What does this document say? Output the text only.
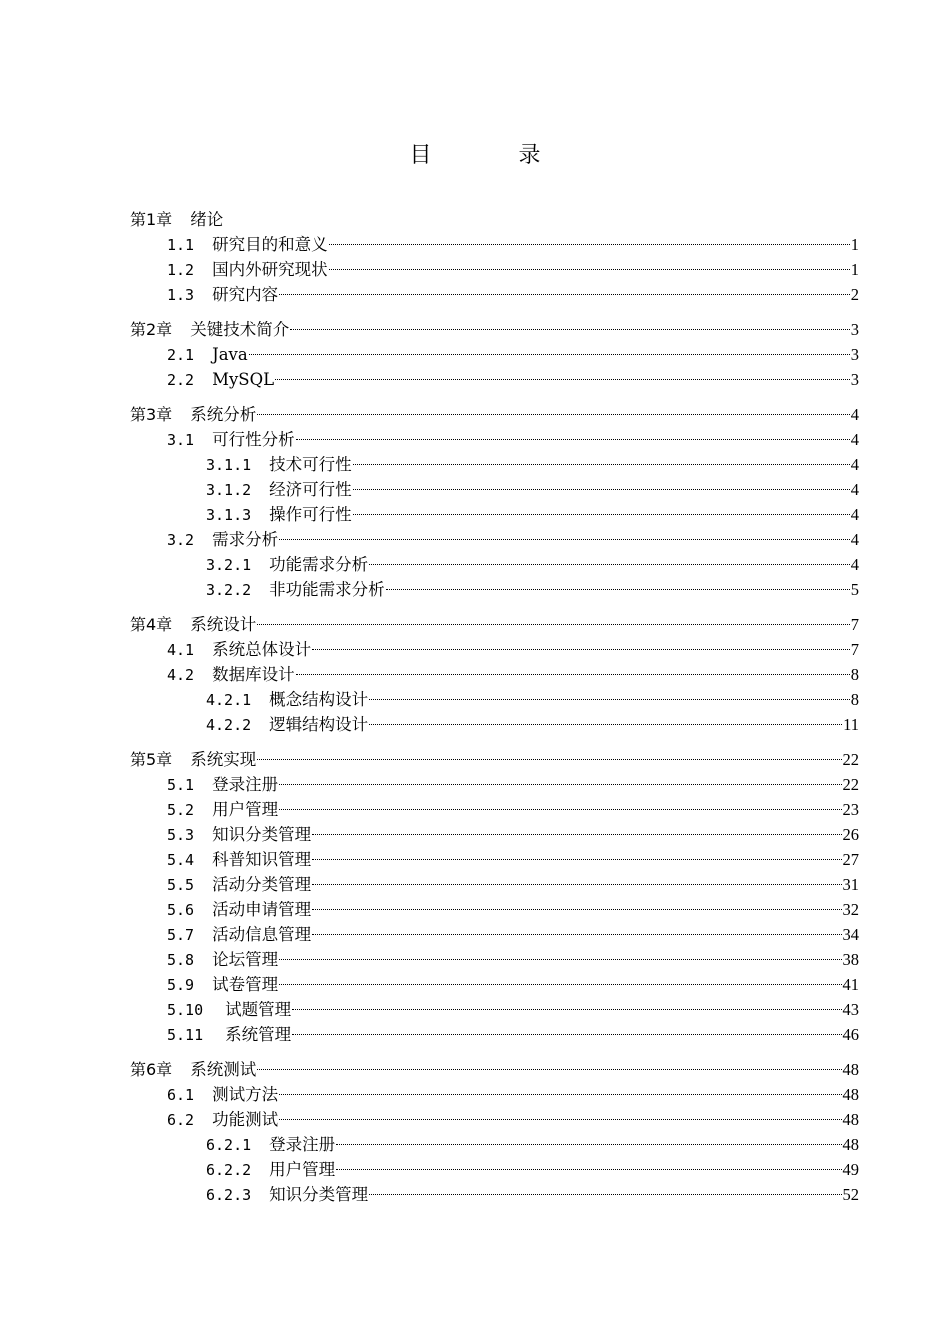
目 录
第1章 绪论
1.1 研究目的和意义	1
1.2 国内外研究现状	1
1.3 研究内容	2
第2章 关键技术简介	3
2.1 Java	3
2.2 MySQL	3
第3章 系统分析	4
3.1 可行性分析	4
3.1.1 技术可行性	4
3.1.2 经济可行性	4
3.1.3 操作可行性	4
3.2 需求分析	4
3.2.1 功能需求分析	4
3.2.2 非功能需求分析	5
第4章 系统设计	7
4.1 系统总体设计	7
4.2 数据库设计	8
4.2.1 概念结构设计	8
4.2.2 逻辑结构设计	11
第5章 系统实现	22
5.1 登录注册	22
5.2 用户管理	23
5.3 知识分类管理	26
5.4 科普知识管理	27
5.5 活动分类管理	31
5.6 活动申请管理	32
5.7 活动信息管理	34
5.8 论坛管理	38
5.9 试卷管理	41
5.10 试题管理	43
5.11 系统管理	46
第6章 系统测试	48
6.1 测试方法	48
6.2 功能测试	48
6.2.1 登录注册	48
6.2.2 用户管理	49
6.2.3 知识分类管理	52
